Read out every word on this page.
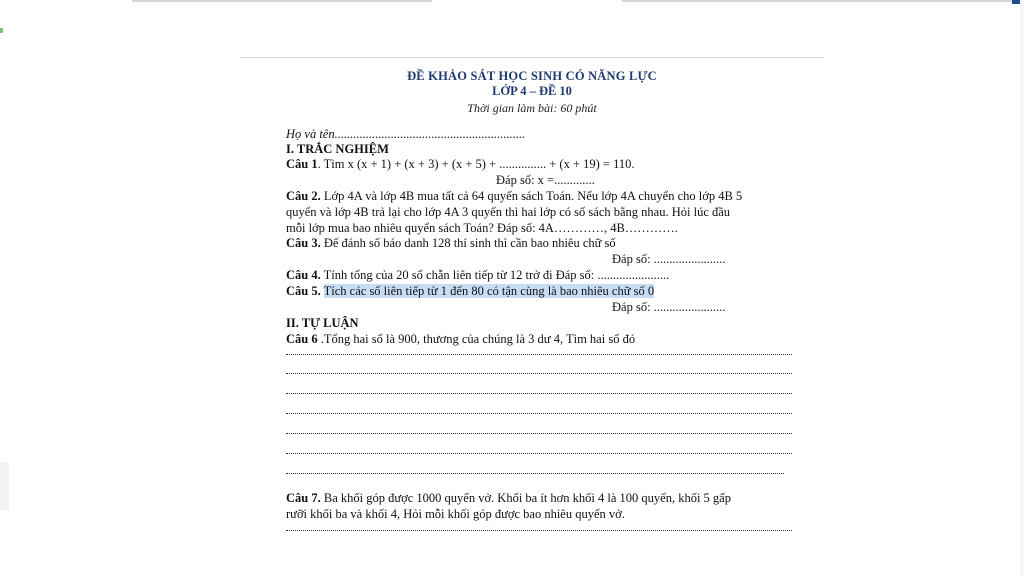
ĐỀ KHẢO SÁT HỌC SINH CÓ NĂNG LỰC
LỚP 4 – ĐỀ 10
Thời gian làm bài: 60 phút
Họ và tên.............................................................
I. TRẮC NGHIỆM
Câu 1. Tìm x (x + 1) + (x + 3) + (x + 5) + ............... + (x + 19) = 110.
Đáp số: x =.............
Câu 2. Lớp 4A và lớp 4B mua tất cả 64 quyển sách Toán. Nếu lớp 4A chuyển cho lớp 4B 5
quyển và lớp 4B trả lại cho lớp 4A 3 quyển thì hai lớp có số sách bằng nhau. Hỏi lúc đầu
mỗi lớp mua bao nhiêu quyển sách Toán? Đáp số: 4A…………, 4B………….
Câu 3. Để đánh số báo danh 128 thí sinh thì cần bao nhiêu chữ số
Đáp số: .......................
Câu 4. Tính tổng của 20 số chẵn liên tiếp từ 12 trở đi Đáp số: .......................
Câu 5. Tích các số liên tiếp từ 1 đến 80 có tận cùng là bao nhiêu chữ số 0
Đáp số: .......................
II. TỰ LUẬN
Câu 6 .Tổng hai số là 900, thương của chúng là 3 dư 4, Tìm hai số đó
Câu 7. Ba khối góp được 1000 quyển vở. Khối ba ít hơn khối 4 là 100 quyển, khối 5 gấp
rưỡi khối ba và khối 4, Hỏi mỗi khối góp được bao nhiêu quyển vở.
